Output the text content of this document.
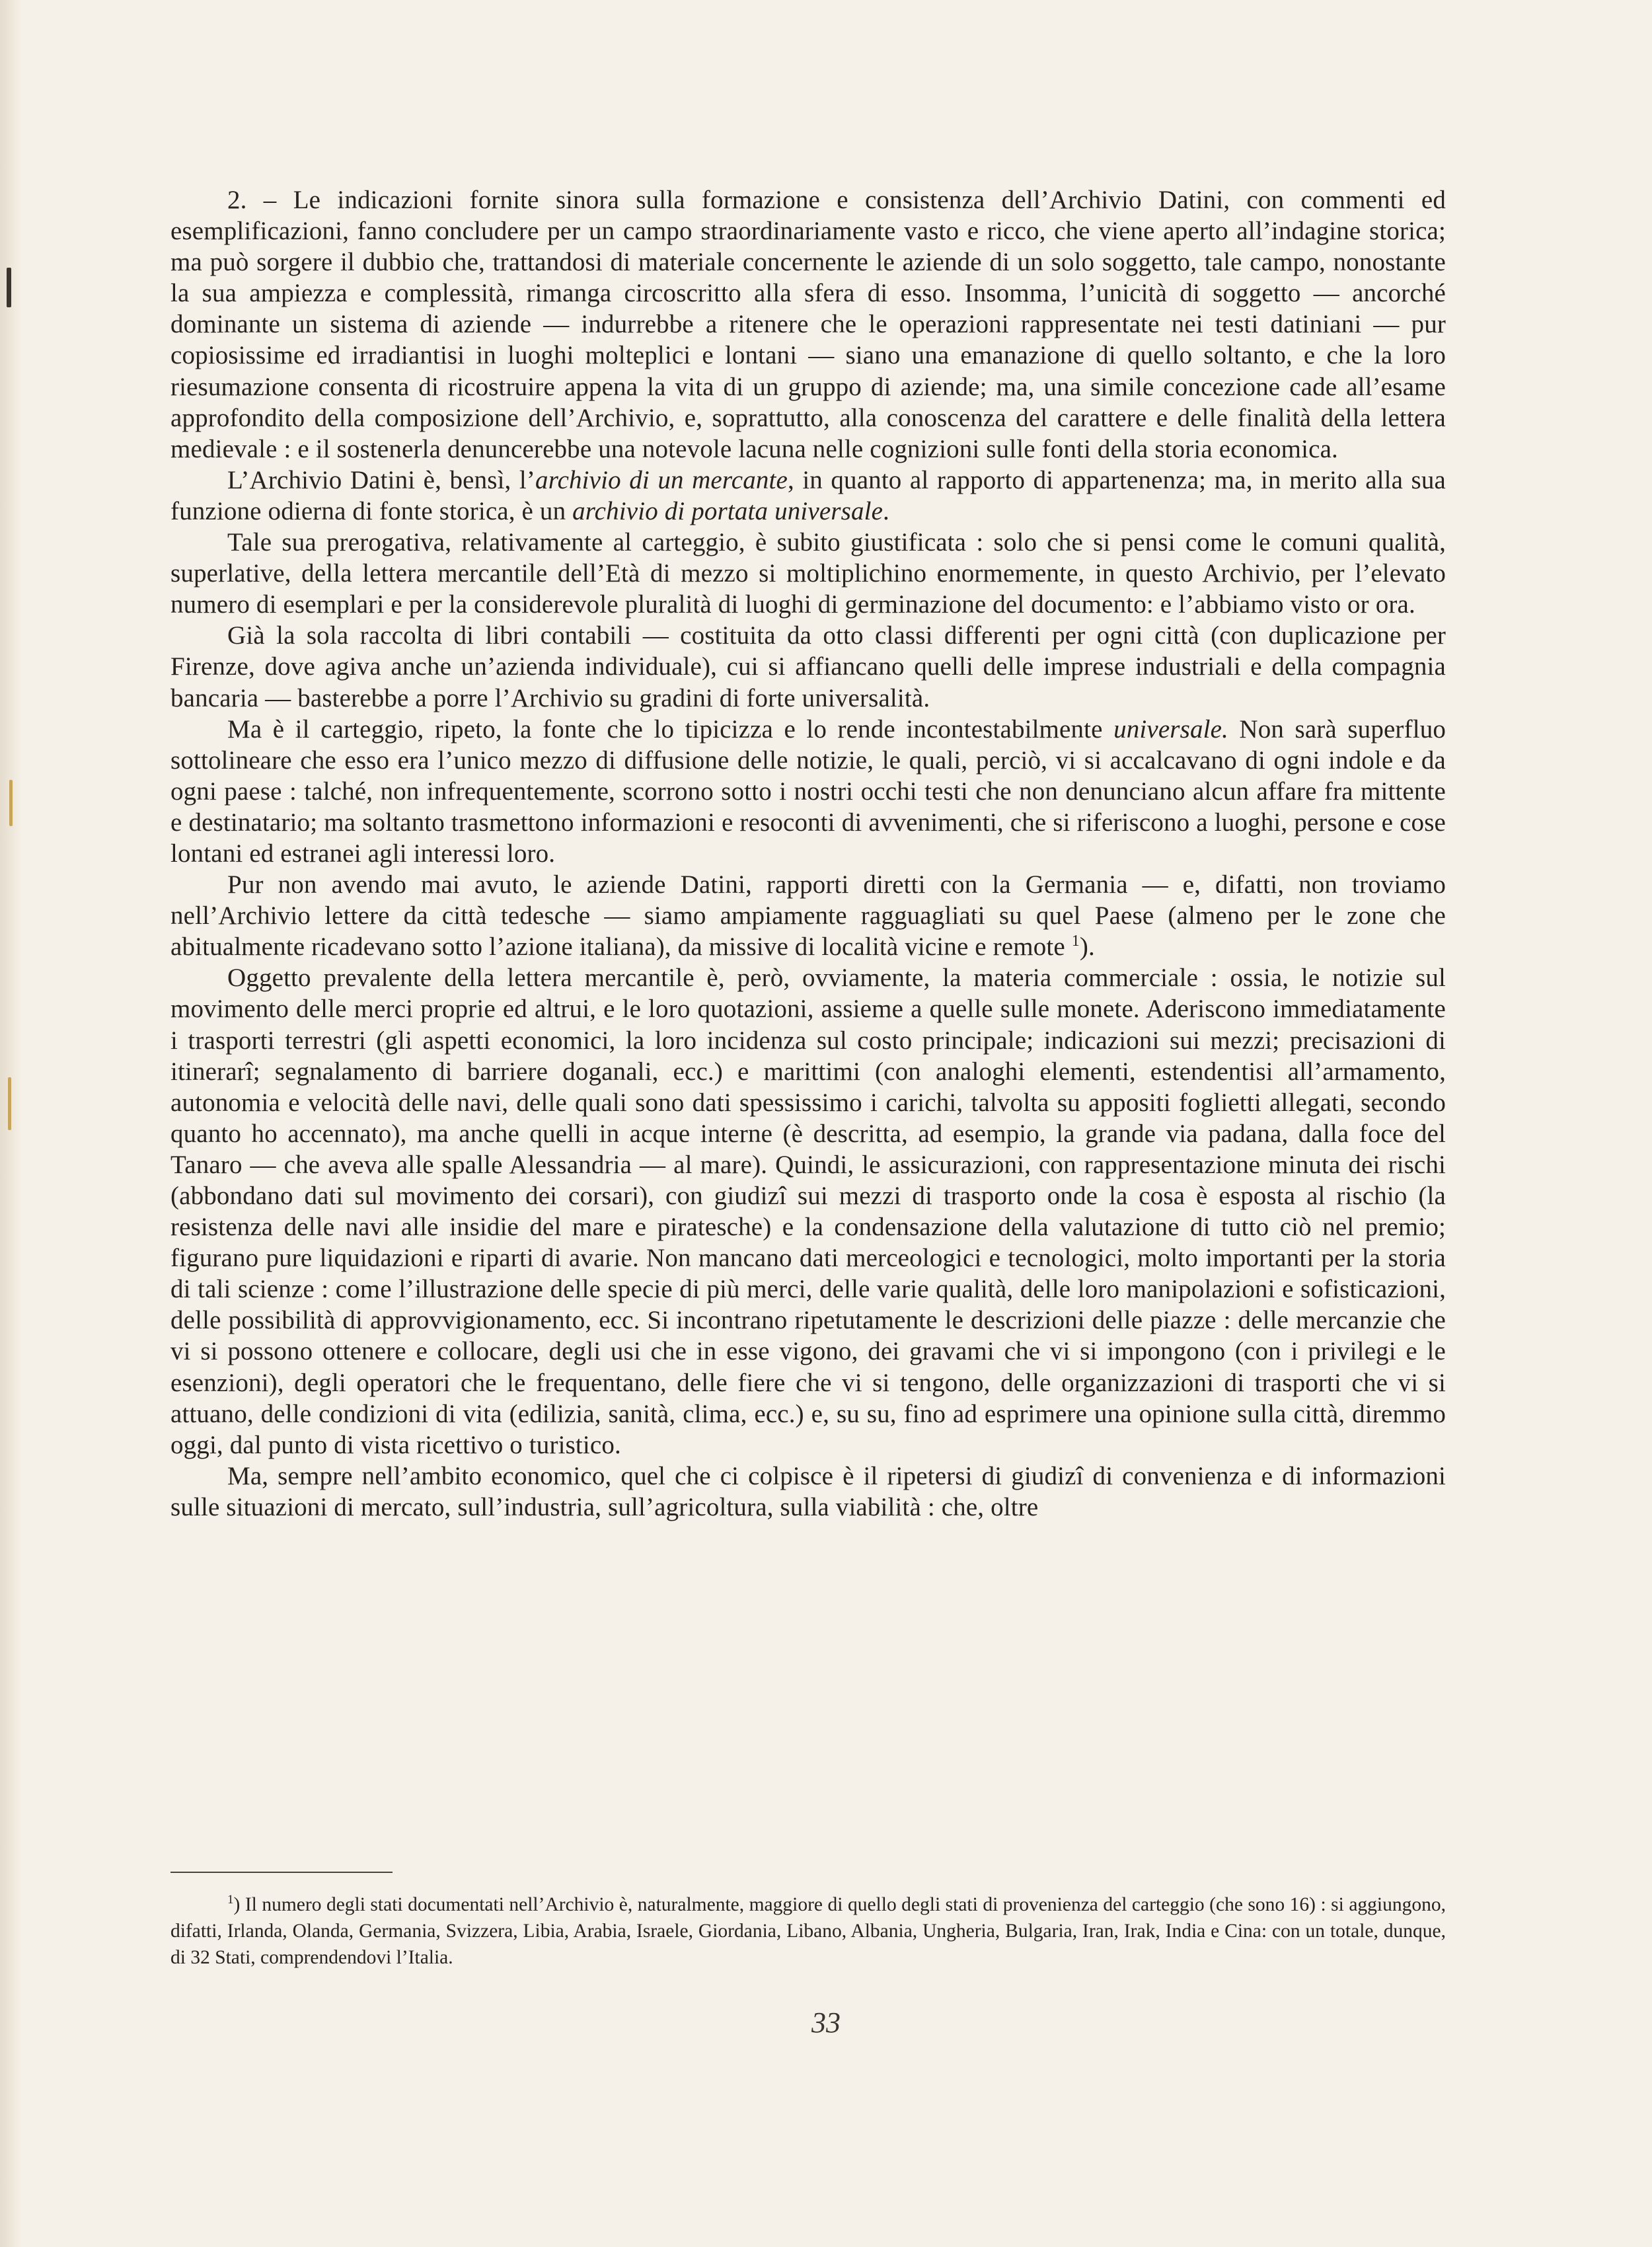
2. – Le indicazioni fornite sinora sulla formazione e consistenza dell’Archivio Datini, con commenti ed esemplificazioni, fanno concludere per un campo straordinariamente vasto e ricco, che viene aperto all’indagine storica; ma può sorgere il dubbio che, trattandosi di materiale concernente le aziende di un solo soggetto, tale campo, nonostante la sua ampiezza e complessità, rimanga circoscritto alla sfera di esso. Insomma, l’unicità di soggetto — ancorché dominante un sistema di aziende — indurrebbe a ritenere che le operazioni rappresentate nei testi datiniani — pur copiosissime ed irradiantisi in luoghi molteplici e lontani — siano una emanazione di quello soltanto, e che la loro riesumazione consenta di ricostruire appena la vita di un gruppo di aziende; ma, una simile concezione cade all’esame approfondito della composizione dell’Archivio, e, soprattutto, alla conoscenza del carattere e delle finalità della lettera medievale : e il sostenerla denuncerebbe una notevole lacuna nelle cognizioni sulle fonti della storia economica.

L’Archivio Datini è, bensì, l’archivio di un mercante, in quanto al rapporto di appartenenza; ma, in merito alla sua funzione odierna di fonte storica, è un archivio di portata universale.

Tale sua prerogativa, relativamente al carteggio, è subito giustificata : solo che si pensi come le comuni qualità, superlative, della lettera mercantile dell’Età di mezzo si moltiplichino enormemente, in questo Archivio, per l’elevato numero di esemplari e per la considerevole pluralità di luoghi di germinazione del documento: e l’abbiamo visto or ora.

Già la sola raccolta di libri contabili — costituita da otto classi differenti per ogni città (con duplicazione per Firenze, dove agiva anche un’azienda individuale), cui si affiancano quelli delle imprese industriali e della compagnia bancaria — basterebbe a porre l’Archivio su gradini di forte universalità.

Ma è il carteggio, ripeto, la fonte che lo tipicizza e lo rende incontestabilmente universale. Non sarà superfluo sottolineare che esso era l’unico mezzo di diffusione delle notizie, le quali, perciò, vi si accalcavano di ogni indole e da ogni paese : talché, non infrequentemente, scorrono sotto i nostri occhi testi che non denunciano alcun affare fra mittente e destinatario; ma soltanto trasmettono informazioni e resoconti di avvenimenti, che si riferiscono a luoghi, persone e cose lontani ed estranei agli interessi loro.

Pur non avendo mai avuto, le aziende Datini, rapporti diretti con la Germania — e, difatti, non troviamo nell’Archivio lettere da città tedesche — siamo ampiamente ragguagliati su quel Paese (almeno per le zone che abitualmente ricadevano sotto l’azione italiana), da missive di località vicine e remote $^1$).

Oggetto prevalente della lettera mercantile è, però, ovviamente, la materia commerciale : ossia, le notizie sul movimento delle merci proprie ed altrui, e le loro quotazioni, assieme a quelle sulle monete. Aderiscono immediatamente i trasporti terrestri (gli aspetti economici, la loro incidenza sul costo principale; indicazioni sui mezzi; precisazioni di itinerarî; segnalamento di barriere doganali, ecc.) e marittimi (con analoghi elementi, estendentisi all’armamento, autonomia e velocità delle navi, delle quali sono dati spessissimo i carichi, talvolta su appositi foglietti allegati, secondo quanto ho accennato), ma anche quelli in acque interne (è descritta, ad esempio, la grande via padana, dalla foce del Tanaro — che aveva alle spalle Alessandria — al mare). Quindi, le assicurazioni, con rappresentazione minuta dei rischi (abbondano dati sul movimento dei corsari), con giudizî sui mezzi di trasporto onde la cosa è esposta al rischio (la resistenza delle navi alle insidie del mare e piratesche) e la condensazione della valutazione di tutto ciò nel premio; figurano pure liquidazioni e riparti di avarie. Non mancano dati merceologici e tecnologici, molto importanti per la storia di tali scienze : come l’illustrazione delle specie di più merci, delle varie qualità, delle loro manipolazioni e sofisticazioni, delle possibilità di approvvigionamento, ecc. Si incontrano ripetutamente le descrizioni delle piazze : delle mercanzie che vi si possono ottenere e collocare, degli usi che in esse vigono, dei gravami che vi si impongono (con i privilegi e le esenzioni), degli operatori che le frequentano, delle fiere che vi si tengono, delle organizzazioni di trasporti che vi si attuano, delle condizioni di vita (edilizia, sanità, clima, ecc.) e, su su, fino ad esprimere una opinione sulla città, diremmo oggi, dal punto di vista ricettivo o turistico.

Ma, sempre nell’ambito economico, quel che ci colpisce è il ripetersi di giudizî di convenienza e di informazioni sulle situazioni di mercato, sull’industria, sull’agricoltura, sulla viabilità : che, oltre

$^1$) Il numero degli stati documentati nell’Archivio è, naturalmente, maggiore di quello degli stati di provenienza del carteggio (che sono 16) : si aggiungono, difatti, Irlanda, Olanda, Germania, Svizzera, Libia, Arabia, Israele, Giordania, Libano, Albania, Ungheria, Bulgaria, Iran, Irak, India e Cina: con un totale, dunque, di 32 Stati, comprendendovi l’Italia.
33
